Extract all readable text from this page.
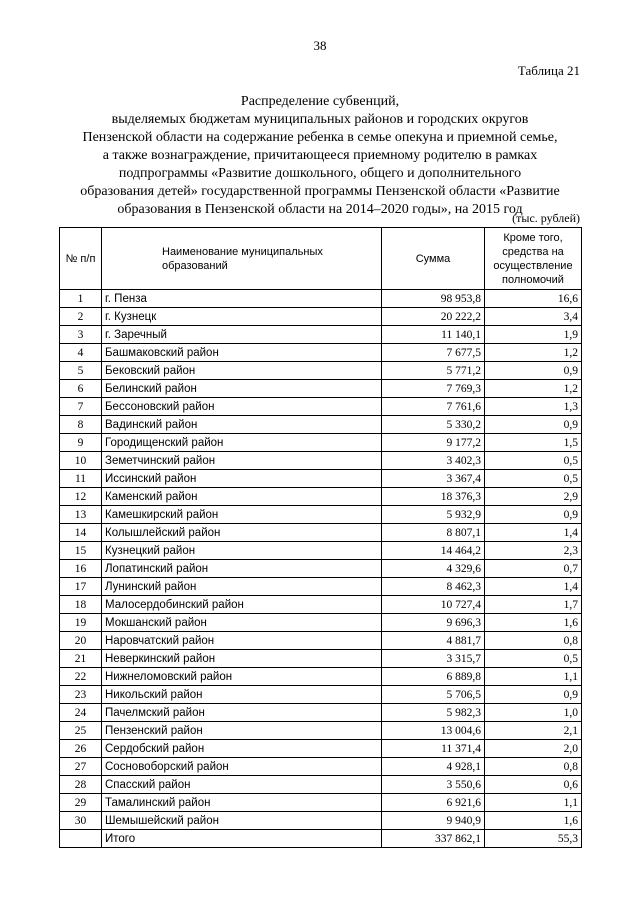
38
Таблица 21
Распределение субвенций,
выделяемых бюджетам муниципальных районов и городских округов
Пензенской области на содержание ребенка в семье опекуна и приемной семье,
а также вознаграждение, причитающееся приемному родителю в рамках
подпрограммы «Развитие дошкольного, общего и дополнительного
образования детей» государственной программы Пензенской области «Развитие
образования в Пензенской области на 2014–2020 годы», на 2015 год
(тыс. рублей)
№ п/п	Наименование муниципальных образований	Сумма	Кроме того, средства на осуществление полномочий
1	г. Пенза	98 953,8	16,6
2	г. Кузнецк	20 222,2	3,4
3	г. Заречный	11 140,1	1,9
4	Башмаковский район	7 677,5	1,2
5	Бековский район	5 771,2	0,9
6	Белинский район	7 769,3	1,2
7	Бессоновский район	7 761,6	1,3
8	Вадинский район	5 330,2	0,9
9	Городищенский район	9 177,2	1,5
10	Земетчинский район	3 402,3	0,5
11	Иссинский район	3 367,4	0,5
12	Каменский район	18 376,3	2,9
13	Камешкирский район	5 932,9	0,9
14	Колышлейский район	8 807,1	1,4
15	Кузнецкий район	14 464,2	2,3
16	Лопатинский район	4 329,6	0,7
17	Лунинский район	8 462,3	1,4
18	Малосердобинский район	10 727,4	1,7
19	Мокшанский район	9 696,3	1,6
20	Наровчатский район	4 881,7	0,8
21	Неверкинский район	3 315,7	0,5
22	Нижнеломовский район	6 889,8	1,1
23	Никольский район	5 706,5	0,9
24	Пачелмский район	5 982,3	1,0
25	Пензенский район	13 004,6	2,1
26	Сердобский район	11 371,4	2,0
27	Сосновоборский район	4 928,1	0,8
28	Спасский район	3 550,6	0,6
29	Тамалинский район	6 921,6	1,1
30	Шемышейский район	9 940,9	1,6
	Итого	337 862,1	55,3
